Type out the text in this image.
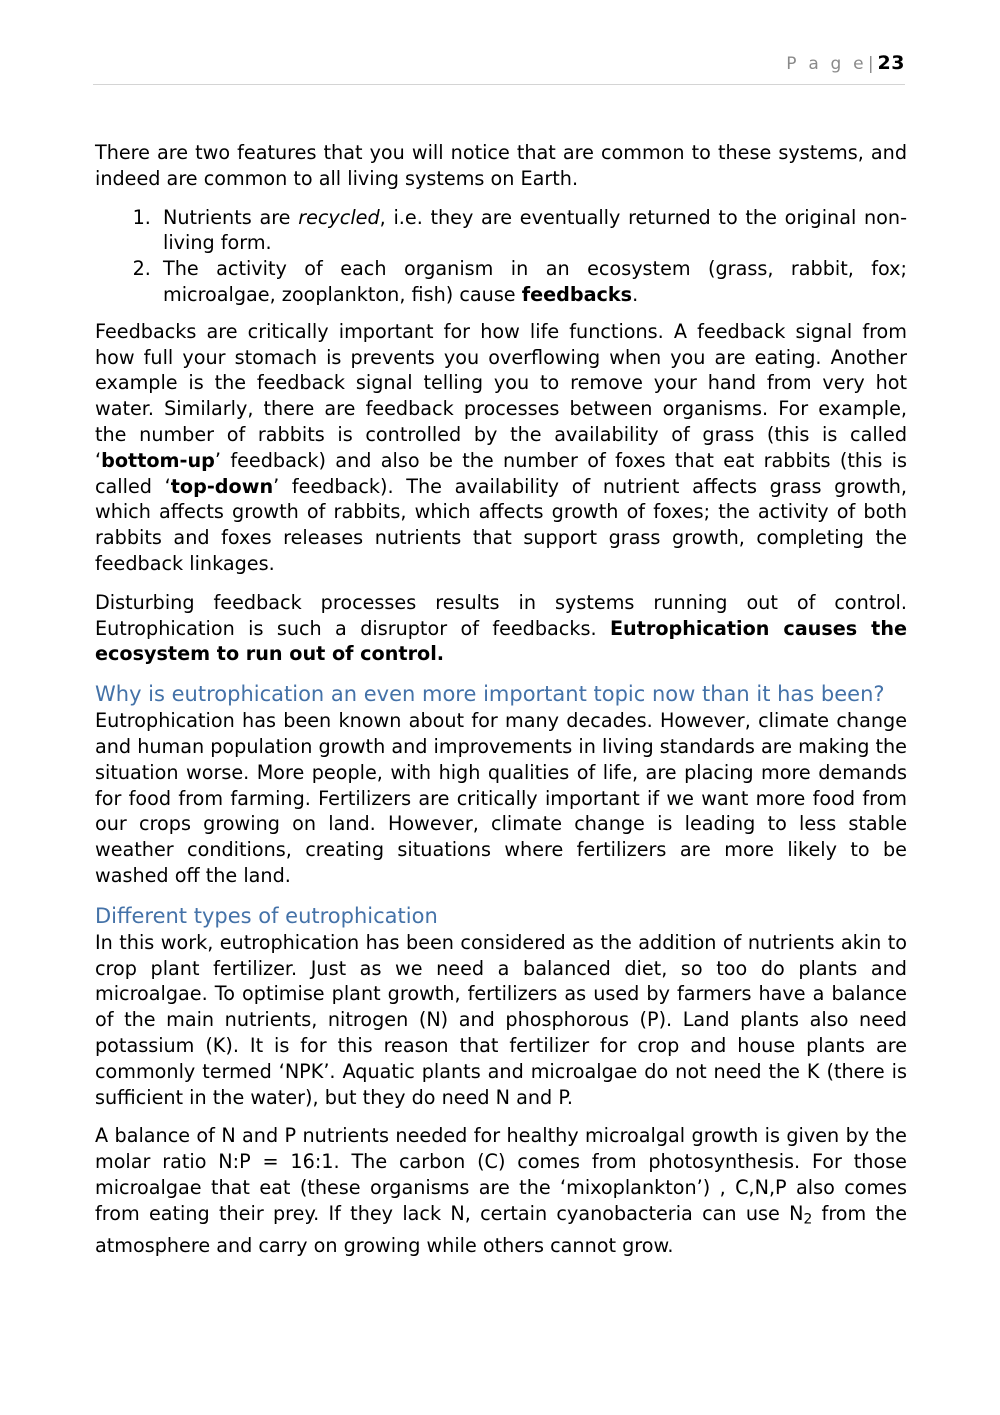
P a g e | 23

There are two features that you will notice that are common to these systems, and indeed are common to all living systems on Earth.

1. Nutrients are recycled, i.e. they are eventually returned to the original non-living form.
2. The activity of each organism in an ecosystem (grass, rabbit, fox; microalgae, zooplankton, fish) cause feedbacks.

Feedbacks are critically important for how life functions. A feedback signal from how full your stomach is prevents you overflowing when you are eating. Another example is the feedback signal telling you to remove your hand from very hot water. Similarly, there are feedback processes between organisms. For example, the number of rabbits is controlled by the availability of grass (this is called ‘bottom-up’ feedback) and also be the number of foxes that eat rabbits (this is called ‘top-down’ feedback). The availability of nutrient affects grass growth, which affects growth of rabbits, which affects growth of foxes; the activity of both rabbits and foxes releases nutrients that support grass growth, completing the feedback linkages.

Disturbing feedback processes results in systems running out of control. Eutrophication is such a disruptor of feedbacks. Eutrophication causes the ecosystem to run out of control.

Why is eutrophication an even more important topic now than it has been?

Eutrophication has been known about for many decades. However, climate change and human population growth and improvements in living standards are making the situation worse. More people, with high qualities of life, are placing more demands for food from farming. Fertilizers are critically important if we want more food from our crops growing on land. However, climate change is leading to less stable weather conditions, creating situations where fertilizers are more likely to be washed off the land.

Different types of eutrophication

In this work, eutrophication has been considered as the addition of nutrients akin to crop plant fertilizer. Just as we need a balanced diet, so too do plants and microalgae. To optimise plant growth, fertilizers as used by farmers have a balance of the main nutrients, nitrogen (N) and phosphorous (P). Land plants also need potassium (K). It is for this reason that fertilizer for crop and house plants are commonly termed ‘NPK’. Aquatic plants and microalgae do not need the K (there is sufficient in the water), but they do need N and P.

A balance of N and P nutrients needed for healthy microalgal growth is given by the molar ratio N:P = 16:1. The carbon (C) comes from photosynthesis. For those microalgae that eat (these organisms are the ‘mixoplankton’) , C,N,P also comes from eating their prey. If they lack N, certain cyanobacteria can use $N_2$ from the atmosphere and carry on growing while others cannot grow.
